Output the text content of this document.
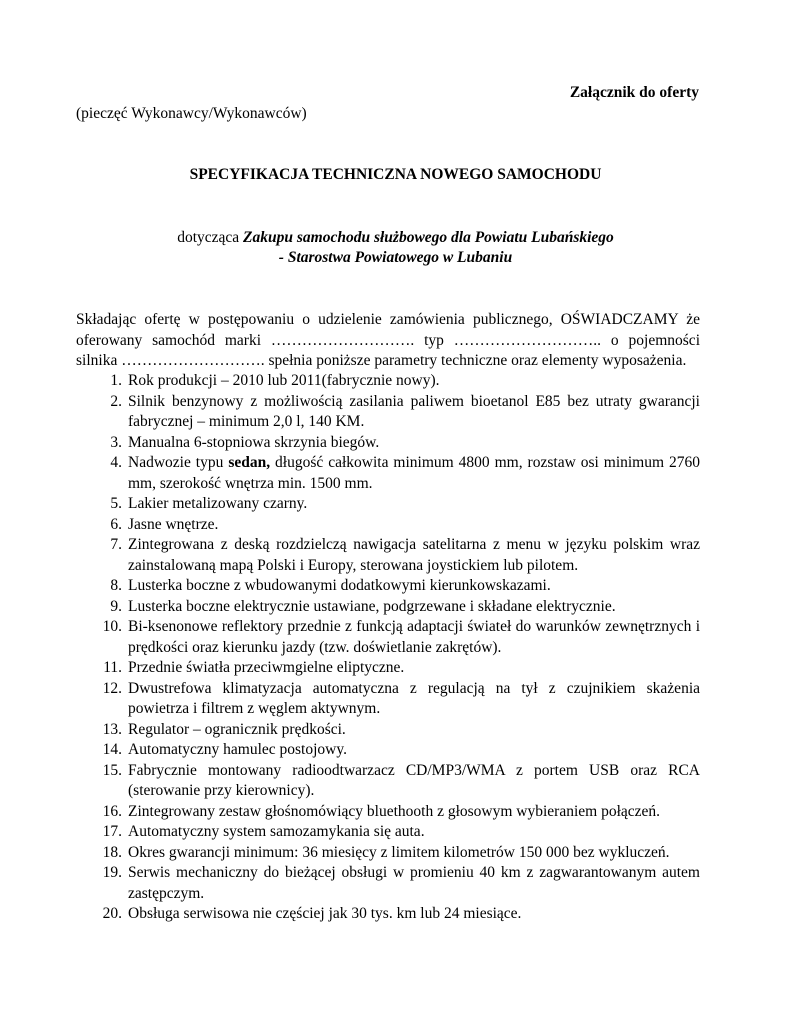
Załącznik do oferty

(pieczęć Wykonawcy/Wykonawców)

SPECYFIKACJA TECHNICZNA NOWEGO SAMOCHODU

dotycząca Zakupu samochodu służbowego dla Powiatu Lubańskiego
- Starostwa Powiatowego w Lubaniu

Składając ofertę w postępowaniu o udzielenie zamówienia publicznego, OŚWIADCZAMY że oferowany samochód marki ………………………. typ ……………………….. o pojemności silnika ………………………. spełnia poniższe parametry techniczne oraz elementy wyposażenia.

1. Rok produkcji – 2010 lub 2011(fabrycznie nowy).
2. Silnik benzynowy z możliwością zasilania paliwem bioetanol E85 bez utraty gwarancji fabrycznej – minimum 2,0 l, 140 KM.
3. Manualna 6-stopniowa skrzynia biegów.
4. Nadwozie typu sedan, długość całkowita minimum 4800 mm, rozstaw osi minimum 2760 mm, szerokość wnętrza min. 1500 mm.
5. Lakier metalizowany czarny.
6. Jasne wnętrze.
7. Zintegrowana z deską rozdzielczą nawigacja satelitarna z menu w języku polskim wraz zainstalowaną mapą Polski i Europy, sterowana joystickiem lub pilotem.
8. Lusterka boczne z wbudowanymi dodatkowymi kierunkowskazami.
9. Lusterka boczne elektrycznie ustawiane, podgrzewane i składane elektrycznie.
10. Bi-ksenonowe reflektory przednie z funkcją adaptacji świateł do warunków zewnętrznych i prędkości oraz kierunku jazdy (tzw. doświetlanie zakrętów).
11. Przednie światła przeciwmgielne eliptyczne.
12. Dwustrefowa klimatyzacja automatyczna z regulacją na tył z czujnikiem skażenia powietrza i filtrem z węglem aktywnym.
13. Regulator – ogranicznik prędkości.
14. Automatyczny hamulec postojowy.
15. Fabrycznie montowany radioodtwarzacz CD/MP3/WMA z portem USB oraz RCA (sterowanie przy kierownicy).
16. Zintegrowany zestaw głośnomówiący bluethooth z głosowym wybieraniem połączeń.
17. Automatyczny system samozamykania się auta.
18. Okres gwarancji minimum: 36 miesięcy z limitem kilometrów 150 000 bez wykluczeń.
19. Serwis mechaniczny do bieżącej obsługi w promieniu 40 km z zagwarantowanym autem zastępczym.
20. Obsługa serwisowa nie częściej jak 30 tys. km lub 24 miesiące.
